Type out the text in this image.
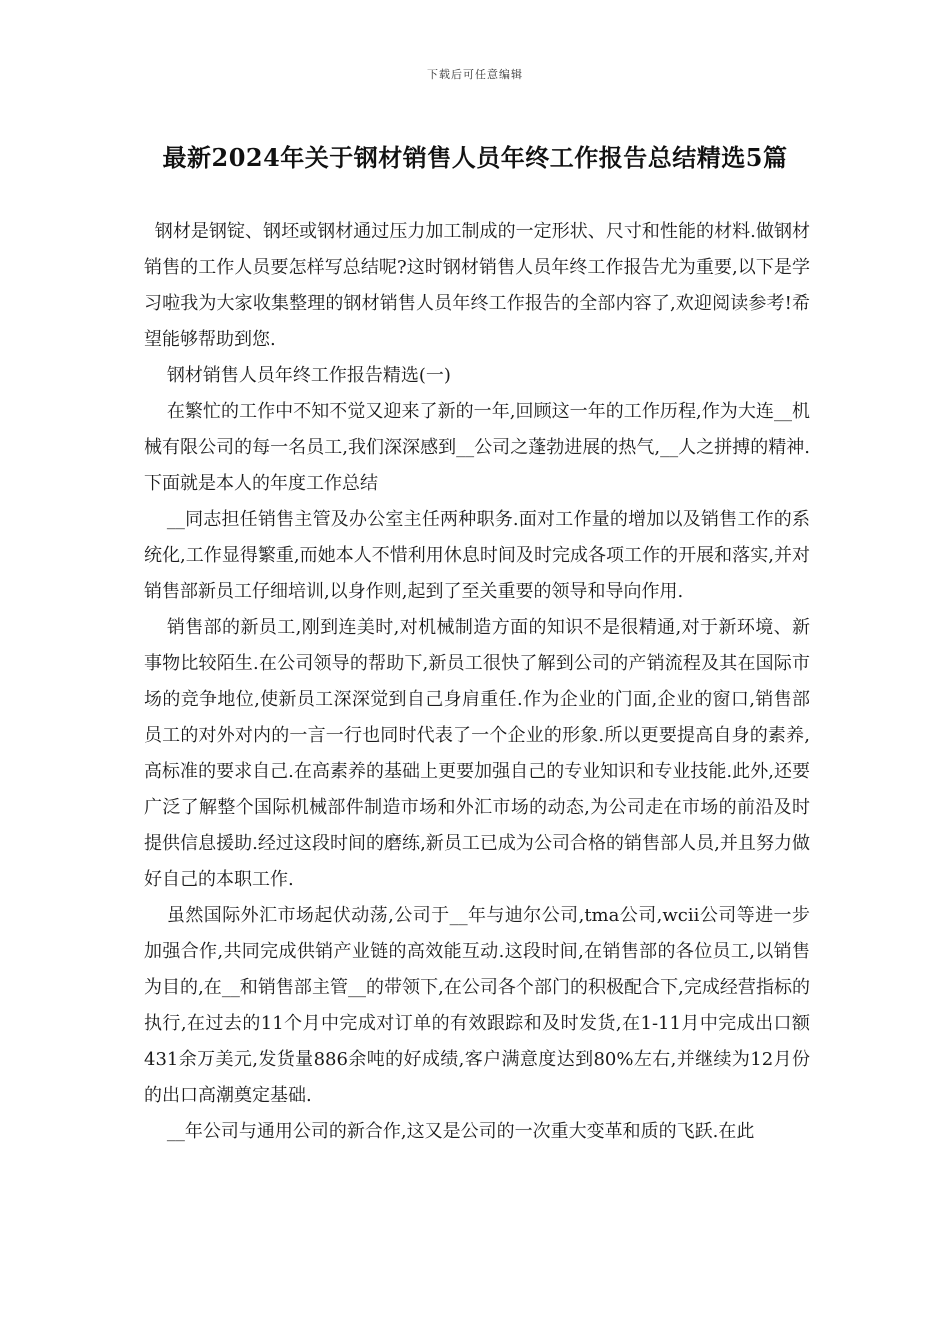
下载后可任意编辑
最新2024年关于钢材销售人员年终工作报告总结精选5篇

钢材是钢锭、钢坯或钢材通过压力加工制成的一定形状、尺寸和性能的材料.做钢材销售的工作人员要怎样写总结呢?这时钢材销售人员年终工作报告尤为重要,以下是学习啦我为大家收集整理的钢材销售人员年终工作报告的全部内容了,欢迎阅读参考!希望能够帮助到您.

钢材销售人员年终工作报告精选(一)

在繁忙的工作中不知不觉又迎来了新的一年,回顾这一年的工作历程,作为大连__机械有限公司的每一名员工,我们深深感到__公司之蓬勃进展的热气,__人之拼搏的精神.下面就是本人的年度工作总结

__同志担任销售主管及办公室主任两种职务.面对工作量的增加以及销售工作的系统化,工作显得繁重,而她本人不惜利用休息时间及时完成各项工作的开展和落实,并对销售部新员工仔细培训,以身作则,起到了至关重要的领导和导向作用.

销售部的新员工,刚到连美时,对机械制造方面的知识不是很精通,对于新环境、新事物比较陌生.在公司领导的帮助下,新员工很快了解到公司的产销流程及其在国际市场的竞争地位,使新员工深深觉到自己身肩重任.作为企业的门面,企业的窗口,销售部员工的对外对内的一言一行也同时代表了一个企业的形象.所以更要提高自身的素养,高标准的要求自己.在高素养的基础上更要加强自己的专业知识和专业技能.此外,还要广泛了解整个国际机械部件制造市场和外汇市场的动态,为公司走在市场的前沿及时提供信息援助.经过这段时间的磨练,新员工已成为公司合格的销售部人员,并且努力做好自己的本职工作.

虽然国际外汇市场起伏动荡,公司于__年与迪尔公司,tma公司,wcii公司等进一步加强合作,共同完成供销产业链的高效能互动.这段时间,在销售部的各位员工,以销售为目的,在__和销售部主管__的带领下,在公司各个部门的积极配合下,完成经营指标的执行,在过去的11个月中完成对订单的有效跟踪和及时发货,在1-11月中完成出口额431余万美元,发货量886余吨的好成绩,客户满意度达到80%左右,并继续为12月份的出口高潮奠定基础.

__年公司与通用公司的新合作,这又是公司的一次重大变革和质的飞跃.在此
